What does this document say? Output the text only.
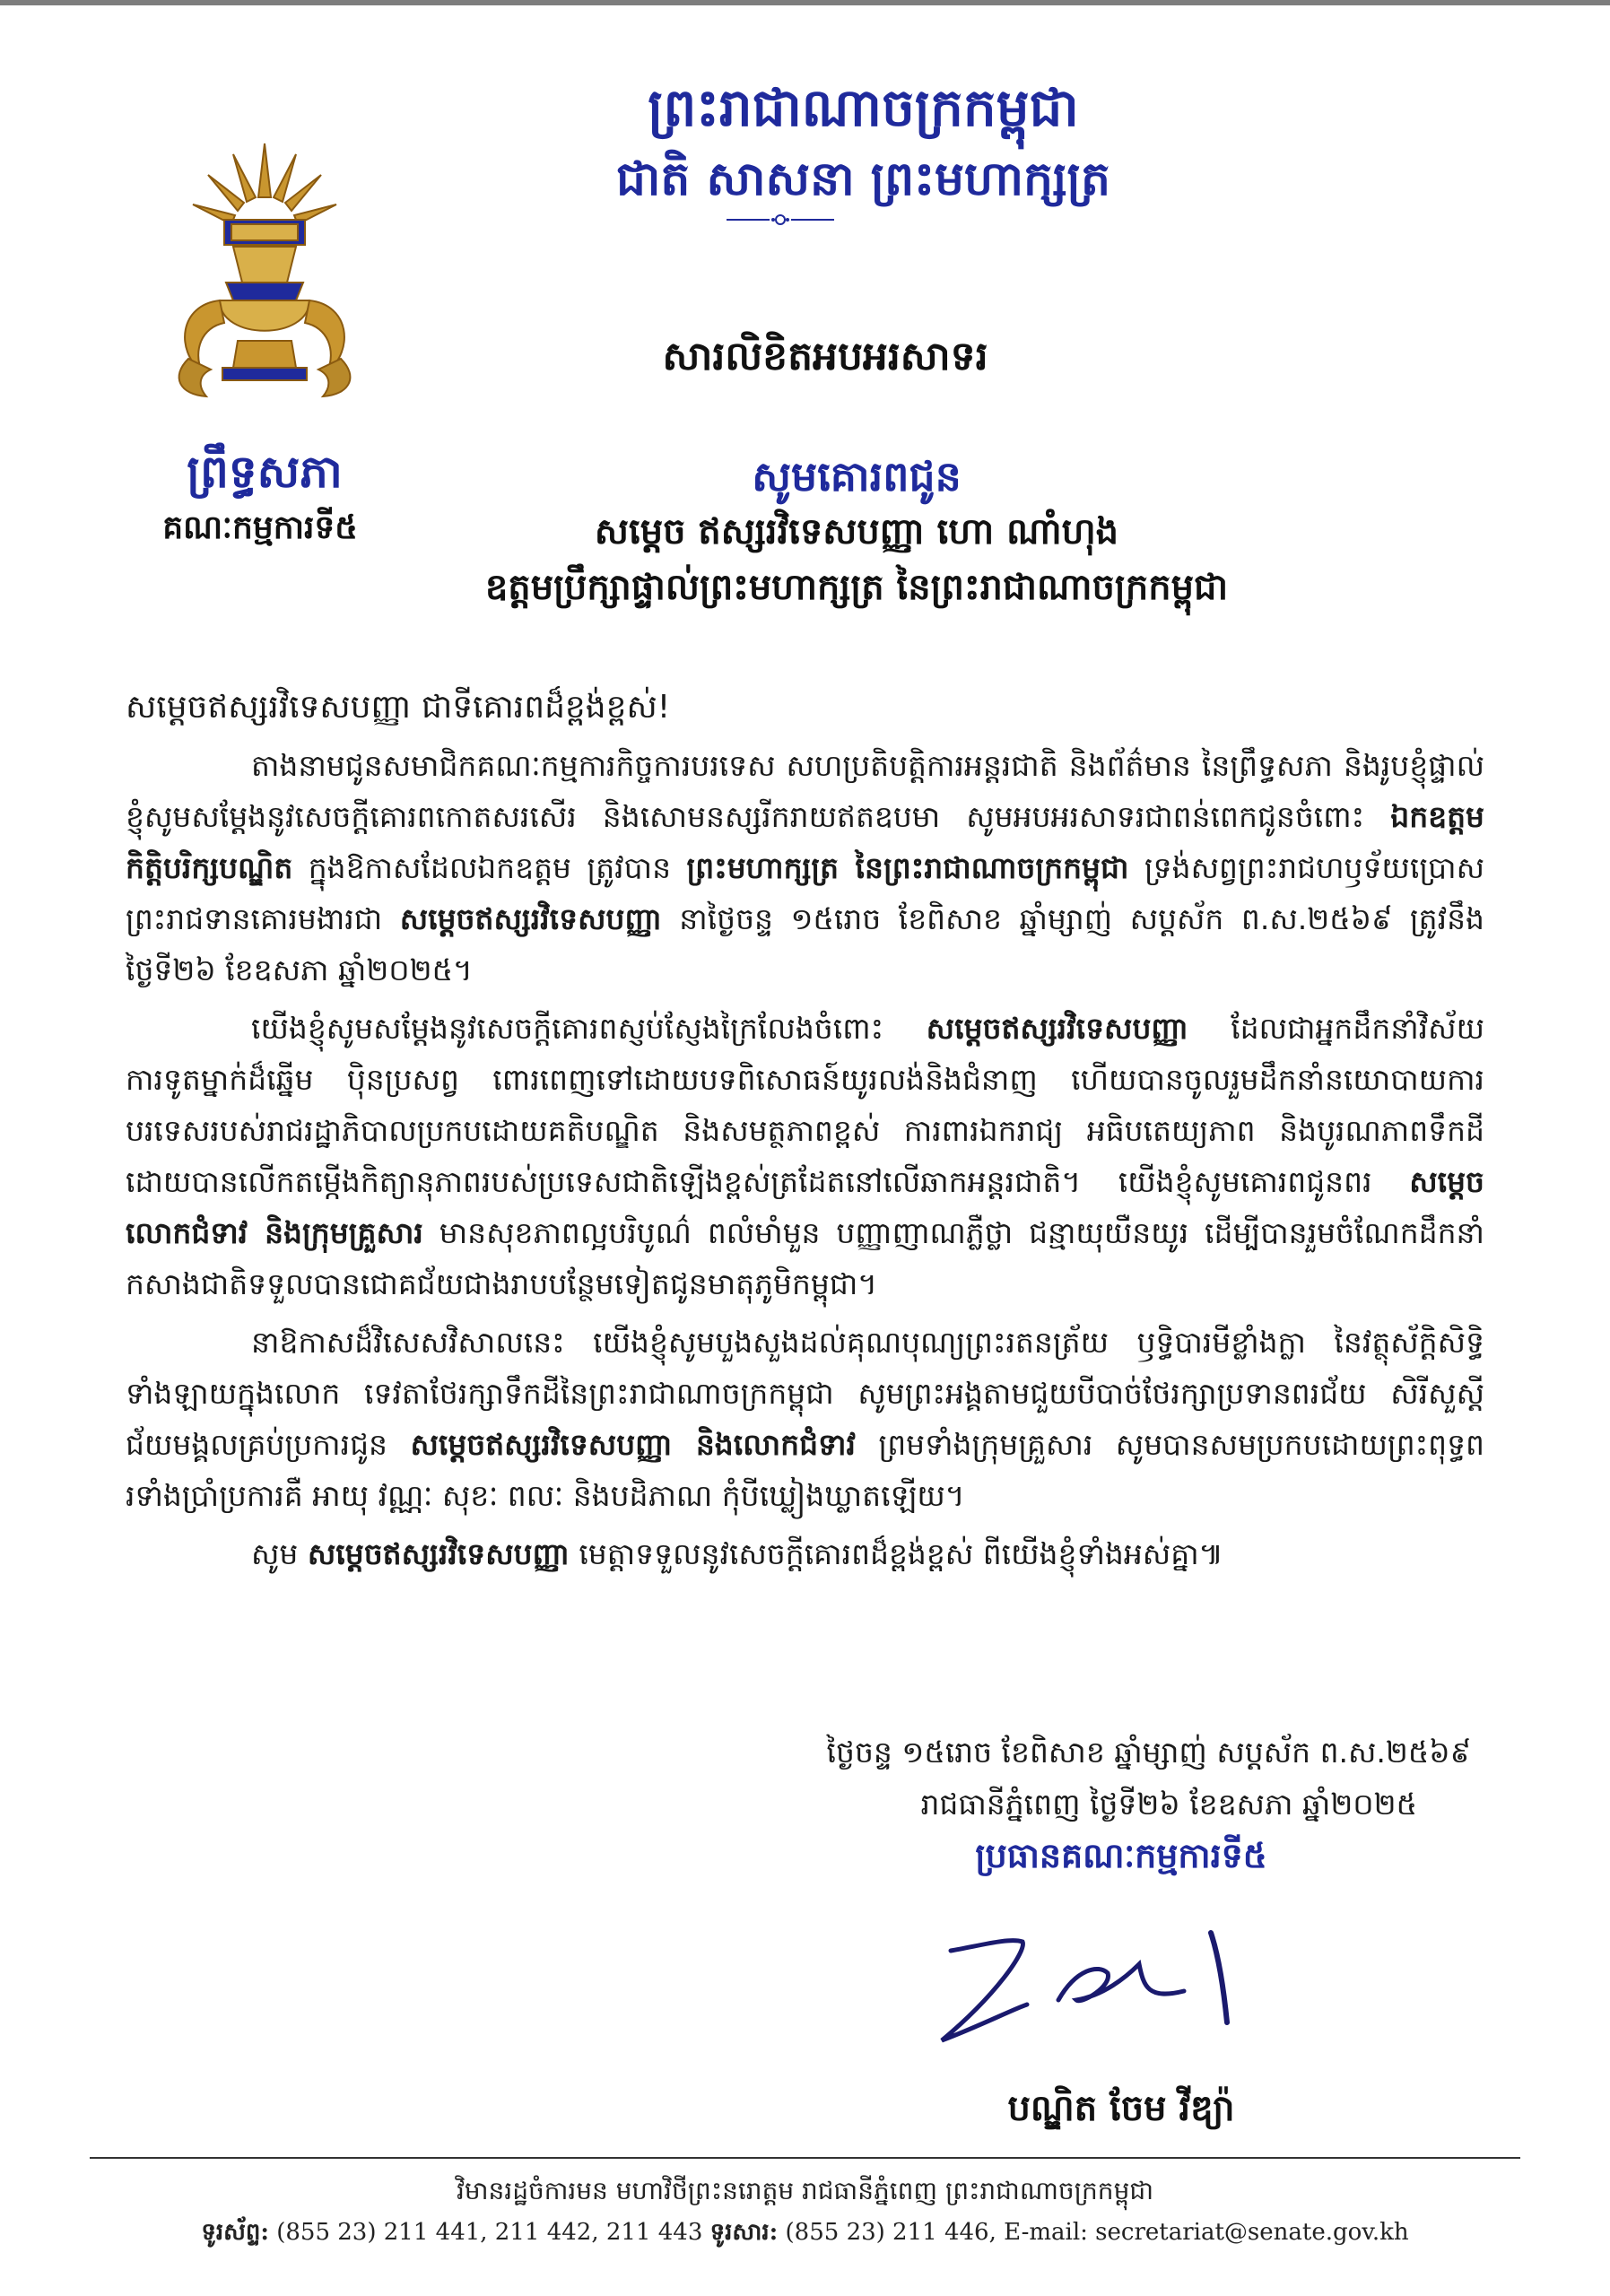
ព្រះរាជាណាចក្រកម្ពុជា
ជាតិ សាសនា ព្រះមហាក្សត្រ
ព្រឹទ្ធសភា
គណៈកម្មការទី៥
សារលិខិតអបអរសាទរ
សូមគោរពជូន
សម្តេច ឥស្សរវិទេសបញ្ញា ហោ ណាំហុង
ឧត្តមប្រឹក្សាផ្ទាល់ព្រះមហាក្សត្រ នៃព្រះរាជាណាចក្រកម្ពុជា
សម្តេចឥស្សរវិទេសបញ្ញា ជាទីគោរពដ៏ខ្ពង់ខ្ពស់!

តាងនាមជូនសមាជិកគណៈកម្មការកិច្ចការបរទេស សហប្រតិបត្តិការអន្តរជាតិ និងព័ត៌មាន នៃព្រឹទ្ធសភា និងរូបខ្ញុំផ្ទាល់ ខ្ញុំសូមសម្តែងនូវសេចក្តីគោរពកោតសរសើរ និងសោមនស្សរីករាយឥតឧបមា សូមអបអរសាទរជាពន់ពេកជូនចំពោះ ឯកឧត្តមកិត្តិបរិក្សបណ្ឌិត ក្នុងឱកាសដែលឯកឧត្តម ត្រូវបាន ព្រះមហាក្សត្រ នៃព្រះរាជាណាចក្រកម្ពុជា ទ្រង់សព្វព្រះរាជហឫទ័យប្រោសព្រះរាជទានគោរមងារជា សម្តេចឥស្សរវិទេសបញ្ញា នាថ្ងៃចន្ទ ១៥រោច ខែពិសាខ ឆ្នាំម្សាញ់ សប្តស័ក ព.ស.២៥៦៩ ត្រូវនឹងថ្ងៃទី២៦ ខែឧសភា ឆ្នាំ២០២៥។

យើងខ្ញុំសូមសម្តែងនូវសេចក្តីគោរពស្ញប់ស្ញែងក្រៃលែងចំពោះ សម្តេចឥស្សរវិទេសបញ្ញា ដែលជាអ្នកដឹកនាំវិស័យការទូតម្នាក់ដ៏ឆ្នើម ប៉ិនប្រសព្វ ពោរពេញទៅដោយបទពិសោធន៍យូរលង់និងជំនាញ ហើយបានចូលរួមដឹកនាំនយោបាយការបរទេសរបស់រាជរដ្ឋាភិបាលប្រកបដោយគតិបណ្ឌិត និងសមត្ថភាពខ្ពស់ ការពារឯករាជ្យ អធិបតេយ្យភាព និងបូរណភាពទឹកដី ដោយបានលើកតម្កើងកិត្យានុភាពរបស់ប្រទេសជាតិឡើងខ្ពស់ត្រដែតនៅលើឆាកអន្តរជាតិ។ យើងខ្ញុំសូមគោរពជូនពរ សម្តេច លោកជំទាវ និងក្រុមគ្រួសារ មានសុខភាពល្អបរិបូណ៌ ពលំមាំមួន បញ្ញាញាណភ្លឺថ្លា ជន្មាយុយឺនយូរ ដើម្បីបានរួមចំណែកដឹកនាំកសាងជាតិទទួលបានជោគជ័យជាងរាបបន្ថែមទៀតជូនមាតុភូមិកម្ពុជា។

នាឱកាសដ៏វិសេសវិសាលនេះ យើងខ្ញុំសូមបួងសួងដល់គុណបុណ្យព្រះរតនត្រ័យ ឫទ្ធិបារមីខ្លាំងក្លា នៃវត្ថុស័ក្តិសិទ្ធិទាំងឡាយក្នុងលោក ទេវតាថែរក្សាទឹកដីនៃព្រះរាជាណាចក្រកម្ពុជា សូមព្រះអង្គតាមជួយបីបាច់ថែរក្សាប្រទានពរជ័យ សិរីសួស្តី ជ័យមង្គលគ្រប់ប្រការជូន សម្តេចឥស្សរវិទេសបញ្ញា និងលោកជំទាវ ព្រមទាំងក្រុមគ្រួសារ សូមបានសមប្រកបដោយព្រះពុទ្ធពរទាំងប្រាំប្រការគឺ អាយុ វណ្ណៈ សុខៈ ពលៈ និងបដិភាណ កុំបីឃ្លៀងឃ្លាតឡើយ។

សូម សម្តេចឥស្សរវិទេសបញ្ញា មេត្តាទទួលនូវសេចក្តីគោរពដ៏ខ្ពង់ខ្ពស់ ពីយើងខ្ញុំទាំងអស់គ្នា៕

ថ្ងៃចន្ទ ១៥រោច ខែពិសាខ ឆ្នាំម្សាញ់ សប្តស័ក ព.ស.២៥៦៩
រាជធានីភ្នំពេញ ថ្ងៃទី២៦ ខែឧសភា ឆ្នាំ២០២៥
ប្រធានគណៈកម្មការទី៥
បណ្ឌិត ចែម វីឌ្យ៉ា
វិមានរដ្ឋចំការមន មហាវិថីព្រះនរោត្តម រាជធានីភ្នំពេញ ព្រះរាជាណាចក្រកម្ពុជា
ទូរស័ព្ទ: (855 23) 211 441, 211 442, 211 443 ទូរសារ: (855 23) 211 446, E-mail: secretariat@senate.gov.kh
